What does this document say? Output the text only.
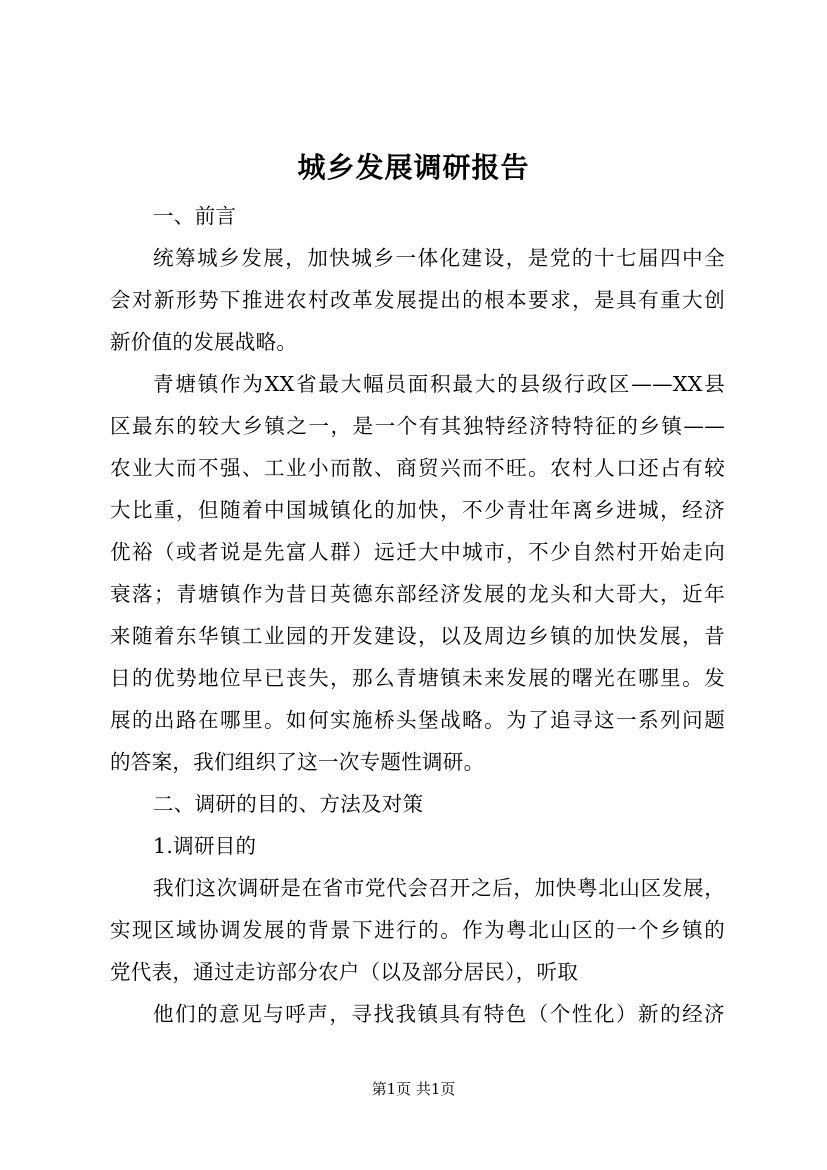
城乡发展调研报告
一、前言
统筹城乡发展，加快城乡一体化建设，是党的十七届四中全
会对新形势下推进农村改革发展提出的根本要求，是具有重大创
新价值的发展战略。
青塘镇作为XX省最大幅员面积最大的县级行政区——XX县
区最东的较大乡镇之一，是一个有其独特经济特特征的乡镇——
农业大而不强、工业小而散、商贸兴而不旺。农村人口还占有较
大比重，但随着中国城镇化的加快，不少青壮年离乡进城，经济
优裕（或者说是先富人群）远迁大中城市，不少自然村开始走向
衰落；青塘镇作为昔日英德东部经济发展的龙头和大哥大，近年
来随着东华镇工业园的开发建设，以及周边乡镇的加快发展，昔
日的优势地位早已丧失，那么青塘镇未来发展的曙光在哪里。发
展的出路在哪里。如何实施桥头堡战略。为了追寻这一系列问题
的答案，我们组织了这一次专题性调研。
二、调研的目的、方法及对策
1.调研目的
我们这次调研是在省市党代会召开之后，加快粤北山区发展，
实现区域协调发展的背景下进行的。作为粤北山区的一个乡镇的
党代表，通过走访部分农户（以及部分居民），听取
他们的意见与呼声，寻找我镇具有特色（个性化）新的经济
第1页 共1页
